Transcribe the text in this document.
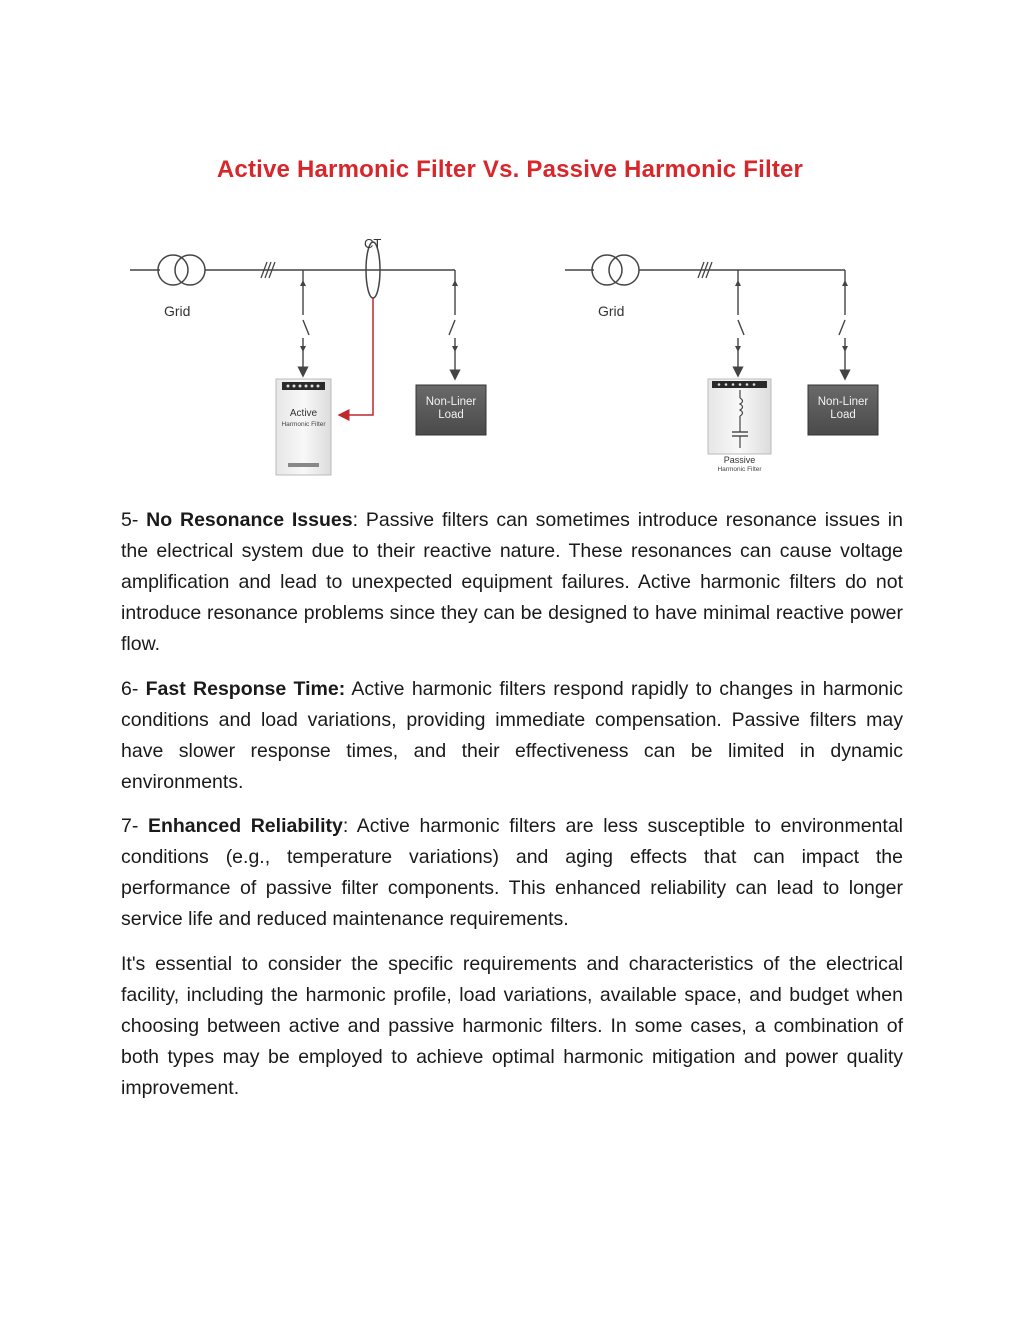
Active Harmonic Filter Vs. Passive Harmonic Filter
CT
Grid
Active
Harmonic Filter
Non-Liner
Load
Grid
Passive
Harmonic Filter
Non-Liner
Load

5- No Resonance Issues: Passive filters can sometimes introduce resonance issues in the electrical system due to their reactive nature. These resonances can cause voltage amplification and lead to unexpected equipment failures. Active harmonic filters do not introduce resonance problems since they can be designed to have minimal reactive power flow.

6- Fast Response Time: Active harmonic filters respond rapidly to changes in harmonic conditions and load variations, providing immediate compensation. Passive filters may have slower response times, and their effectiveness can be limited in dynamic environments.

7- Enhanced Reliability: Active harmonic filters are less susceptible to environmental conditions (e.g., temperature variations) and aging effects that can impact the performance of passive filter components. This enhanced reliability can lead to longer service life and reduced maintenance requirements.

It's essential to consider the specific requirements and characteristics of the electrical facility, including the harmonic profile, load variations, available space, and budget when choosing between active and passive harmonic filters. In some cases, a combination of both types may be employed to achieve optimal harmonic mitigation and power quality improvement.
